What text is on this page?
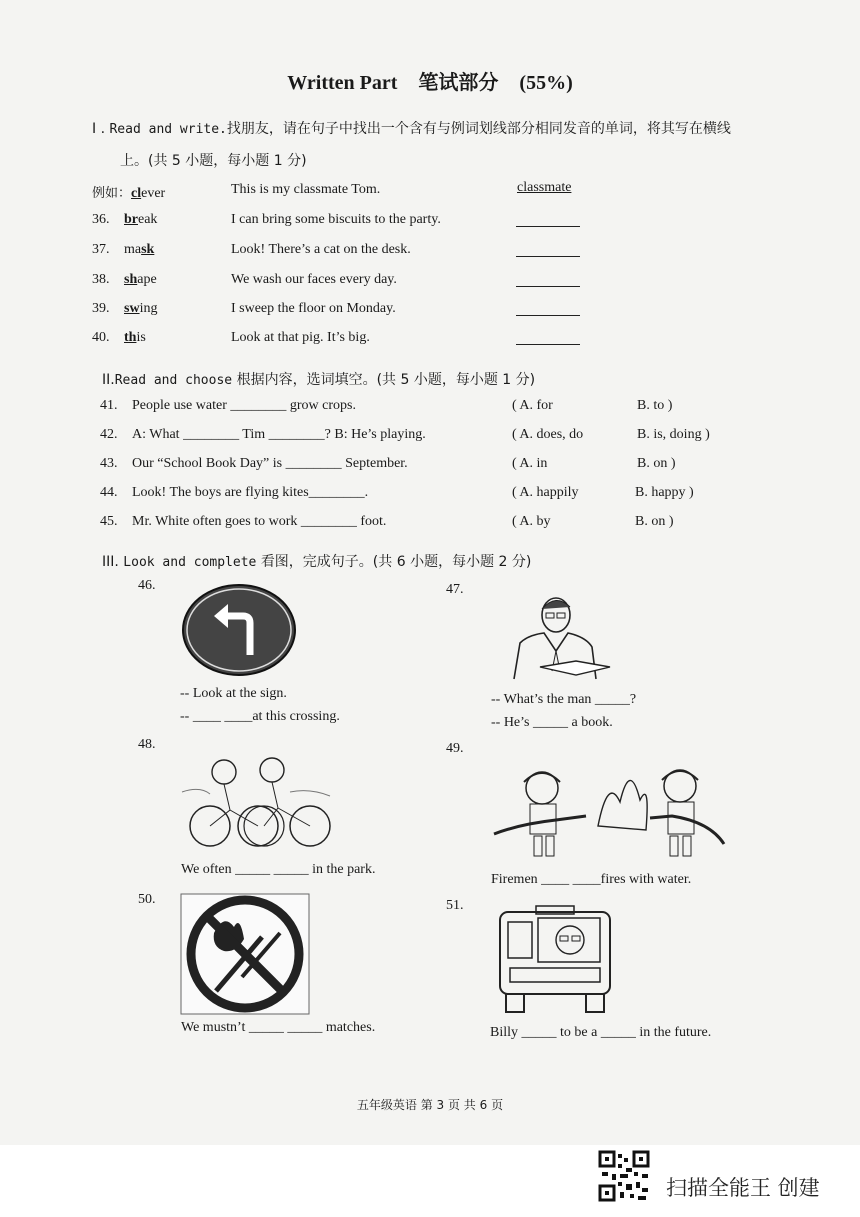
Written Part 笔试部分 (55%)
I . Read and write.找朋友，请在句子中找出一个含有与例词划线部分相同发音的单词，将其写在横线
上。(共 5 小题，每小题 1 分)
例如：clever	This is my classmate Tom.	classmate
36. break	I can bring some biscuits to the party.
37. mask	Look! There’s a cat on the desk.
38. shape	We wash our faces every day.
39. swing	I sweep the floor on Monday.
40. this	Look at that pig. It’s big.
II.Read and choose 根据内容，选词填空。(共 5 小题，每小题 1 分)
41. People use water ________ grow crops.	( A. for	B. to )
42. A: What ________ Tim ________? B: He’s playing.	( A. does, do	B. is, doing )
43. Our “School Book Day” is ________ September.	( A. in	B. on )
44. Look! The boys are flying kites________.	( A. happily	B. happy )
45. Mr. White often goes to work ________ foot.	( A. by	B. on )
III. Look and complete 看图，完成句子。(共 6 小题，每小题 2 分)
46.
-- Look at the sign.
-- ____ ____at this crossing.
47.
-- What’s the man _____?
-- He’s _____ a book.
48.
We often _____ _____ in the park.
49.
Firemen ____ ____fires with water.
50.
We mustn’t _____ _____ matches.
51.
Billy _____ to be a _____ in the future.
五年级英语 第 3 页 共 6 页
扫描全能王 创建
